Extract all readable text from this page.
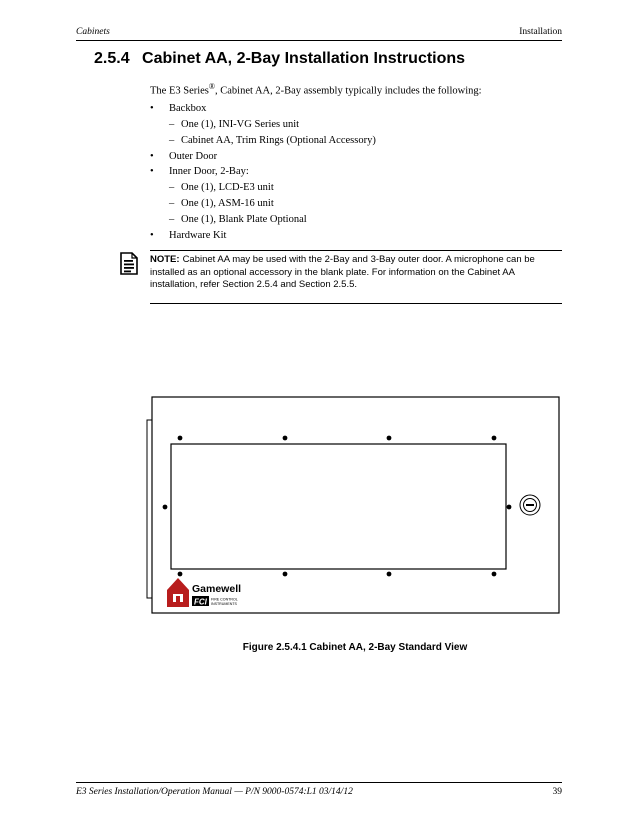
Cabinets	Installation
2.5.4 Cabinet AA, 2-Bay Installation Instructions
The E3 Series®, Cabinet AA, 2-Bay assembly typically includes the following:
• Backbox
– One (1), INI-VG Series unit
– Cabinet AA, Trim Rings (Optional Accessory)
• Outer Door
• Inner Door, 2-Bay:
– One (1), LCD-E3 unit
– One (1), ASM-16 unit
– One (1), Blank Plate Optional
• Hardware Kit
NOTE: Cabinet AA may be used with the 2-Bay and 3-Bay outer door. A microphone can be installed as an optional accessory in the blank plate. For information on the Cabinet AA installation, refer Section 2.5.4 and Section 2.5.5.
Gamewell
FCI FIRE CONTROL
INSTRUMENTS
Figure 2.5.4.1 Cabinet AA, 2-Bay Standard View
E3 Series Installation/Operation Manual — P/N 9000-0574:L1 03/14/12	39
